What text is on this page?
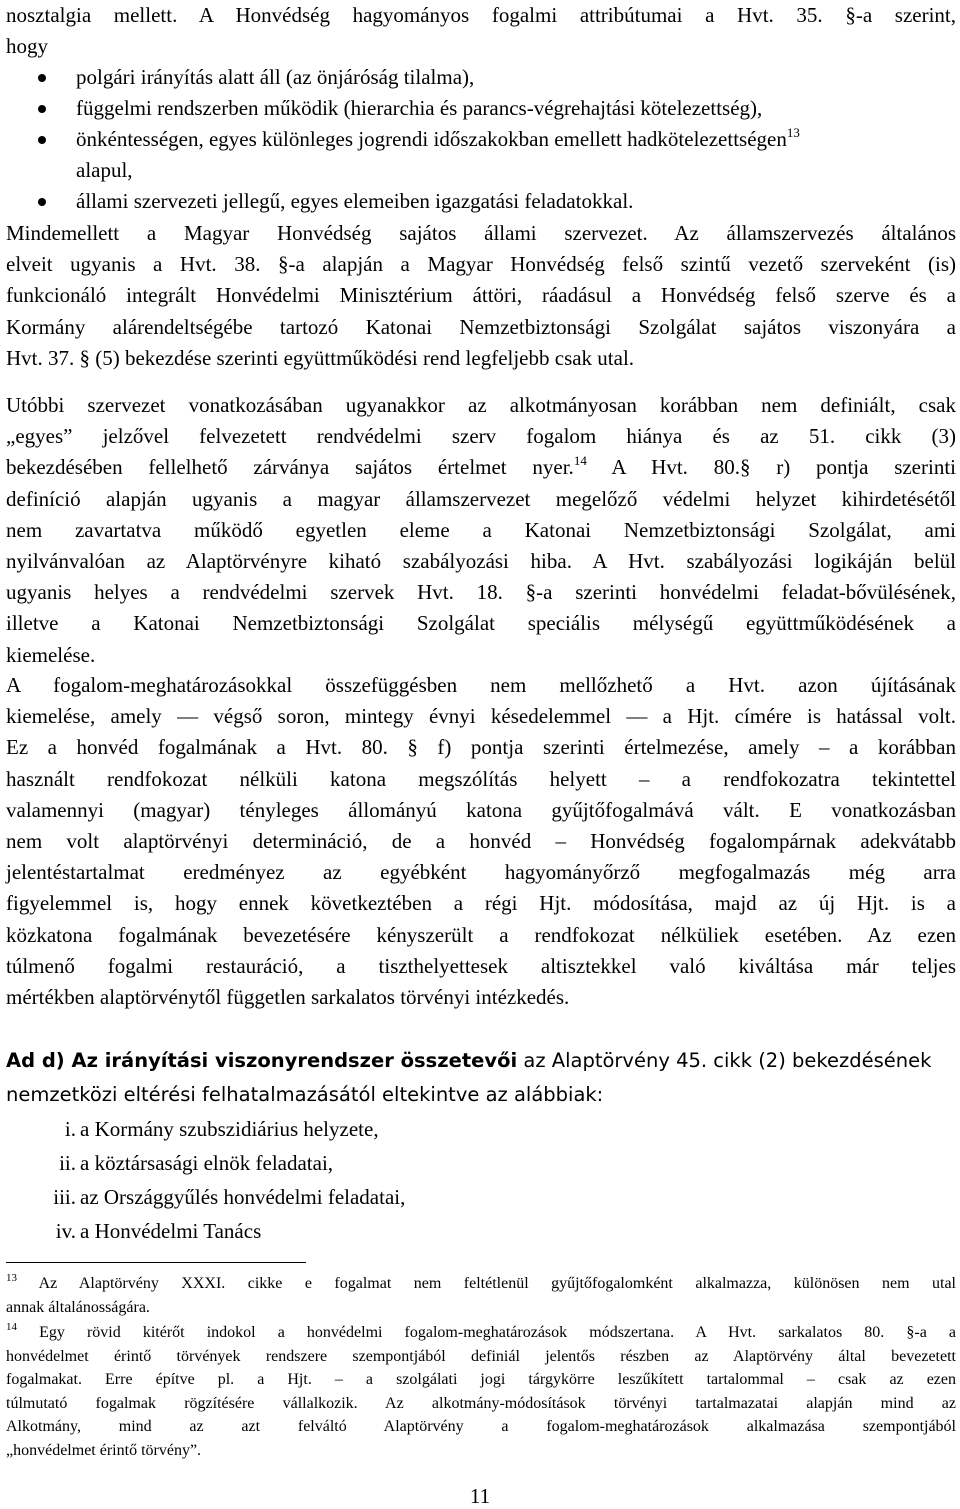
nosztalgia mellett. A Honvédség hagyományos fogalmi attribútumai a Hvt. 35. §-a szerint,
hogy
polgári irányítás alatt áll (az önjáróság tilalma),
függelmi rendszerben működik (hierarchia és parancs-végrehajtási kötelezettség),
önkéntességen, egyes különleges jogrendi időszakokban emellett hadkötelezettségen$^{13}$
alapul,
állami szervezeti jellegű, egyes elemeiben igazgatási feladatokkal.
Mindemellett a Magyar Honvédség sajátos állami szervezet. Az államszervezés általános
elveit ugyanis a Hvt. 38. §-a alapján a Magyar Honvédség felső szintű vezető szerveként (is)
funkcionáló integrált Honvédelmi Minisztérium áttöri, ráadásul a Honvédség felső szerve és a
Kormány alárendeltségébe tartozó Katonai Nemzetbiztonsági Szolgálat sajátos viszonyára a
Hvt. 37. § (5) bekezdése szerinti együttműködési rend legfeljebb csak utal.
Utóbbi szervezet vonatkozásában ugyanakkor az alkotmányosan korábban nem definiált, csak
„egyes” jelzővel felvezetett rendvédelmi szerv fogalom hiánya és az 51. cikk (3)
bekezdésében fellelhető zárványa sajátos értelmet nyer.$^{14}$ A Hvt. 80.§ r) pontja szerinti
definíció alapján ugyanis a magyar államszervezet megelőző védelmi helyzet kihirdetésétől
nem zavartatva működő egyetlen eleme a Katonai Nemzetbiztonsági Szolgálat, ami
nyilvánvalóan az Alaptörvényre kiható szabályozási hiba. A Hvt. szabályozási logikáján belül
ugyanis helyes a rendvédelmi szervek Hvt. 18. §-a szerinti honvédelmi feladat-bővülésének,
illetve a Katonai Nemzetbiztonsági Szolgálat speciális mélységű együttműködésének a
kiemelése.
A fogalom-meghatározásokkal összefüggésben nem mellőzhető a Hvt. azon újításának
kiemelése, amely — végső soron, mintegy évnyi késedelemmel — a Hjt. címére is hatással volt.
Ez a honvéd fogalmának a Hvt. 80. § f) pontja szerinti értelmezése, amely – a korábban
használt rendfokozat nélküli katona megszólítás helyett – a rendfokozatra tekintettel
valamennyi (magyar) tényleges állományú katona gyűjtőfogalmává vált. E vonatkozásban
nem volt alaptörvényi determináció, de a honvéd – Honvédség fogalompárnak adekvátabb
jelentéstartalmat eredményez az egyébként hagyományőrző megfogalmazás még arra
figyelemmel is, hogy ennek következtében a régi Hjt. módosítása, majd az új Hjt. is a
közkatona fogalmának bevezetésére kényszerült a rendfokozat nélküliek esetében. Az ezen
túlmenő fogalmi restauráció, a tiszthelyettesek altisztekkel való kiváltása már teljes
mértékben alaptörvénytől független sarkalatos törvényi intézkedés.
Ad d) Az irányítási viszonyrendszer összetevői az Alaptörvény 45. cikk (2) bekezdésének
nemzetközi eltérési felhatalmazásától eltekintve az alábbiak:
i. a Kormány szubszidiárius helyzete,
ii. a köztársasági elnök feladatai,
iii. az Országgyűlés honvédelmi feladatai,
iv. a Honvédelmi Tanács
$^{13}$ Az Alaptörvény XXXI. cikke e fogalmat nem feltétlenül gyűjtőfogalomként alkalmazza, különösen nem utal
annak általánosságára.
$^{14}$ Egy rövid kitérőt indokol a honvédelmi fogalom-meghatározások módszertana. A Hvt. sarkalatos 80. §-a a
honvédelmet érintő törvények rendszere szempontjából definiál jelentős részben az Alaptörvény által bevezetett
fogalmakat. Erre építve pl. a Hjt. – a szolgálati jogi tárgykörre leszűkített tartalommal – csak az ezen
túlmutató fogalmak rögzítésére vállalkozik. Az alkotmány-módosítások törvényi tartalmazatai alapján mind az
Alkotmány, mind az azt felváltó Alaptörvény a fogalom-meghatározások alkalmazása szempontjából
„honvédelmet érintő törvény”.
11
